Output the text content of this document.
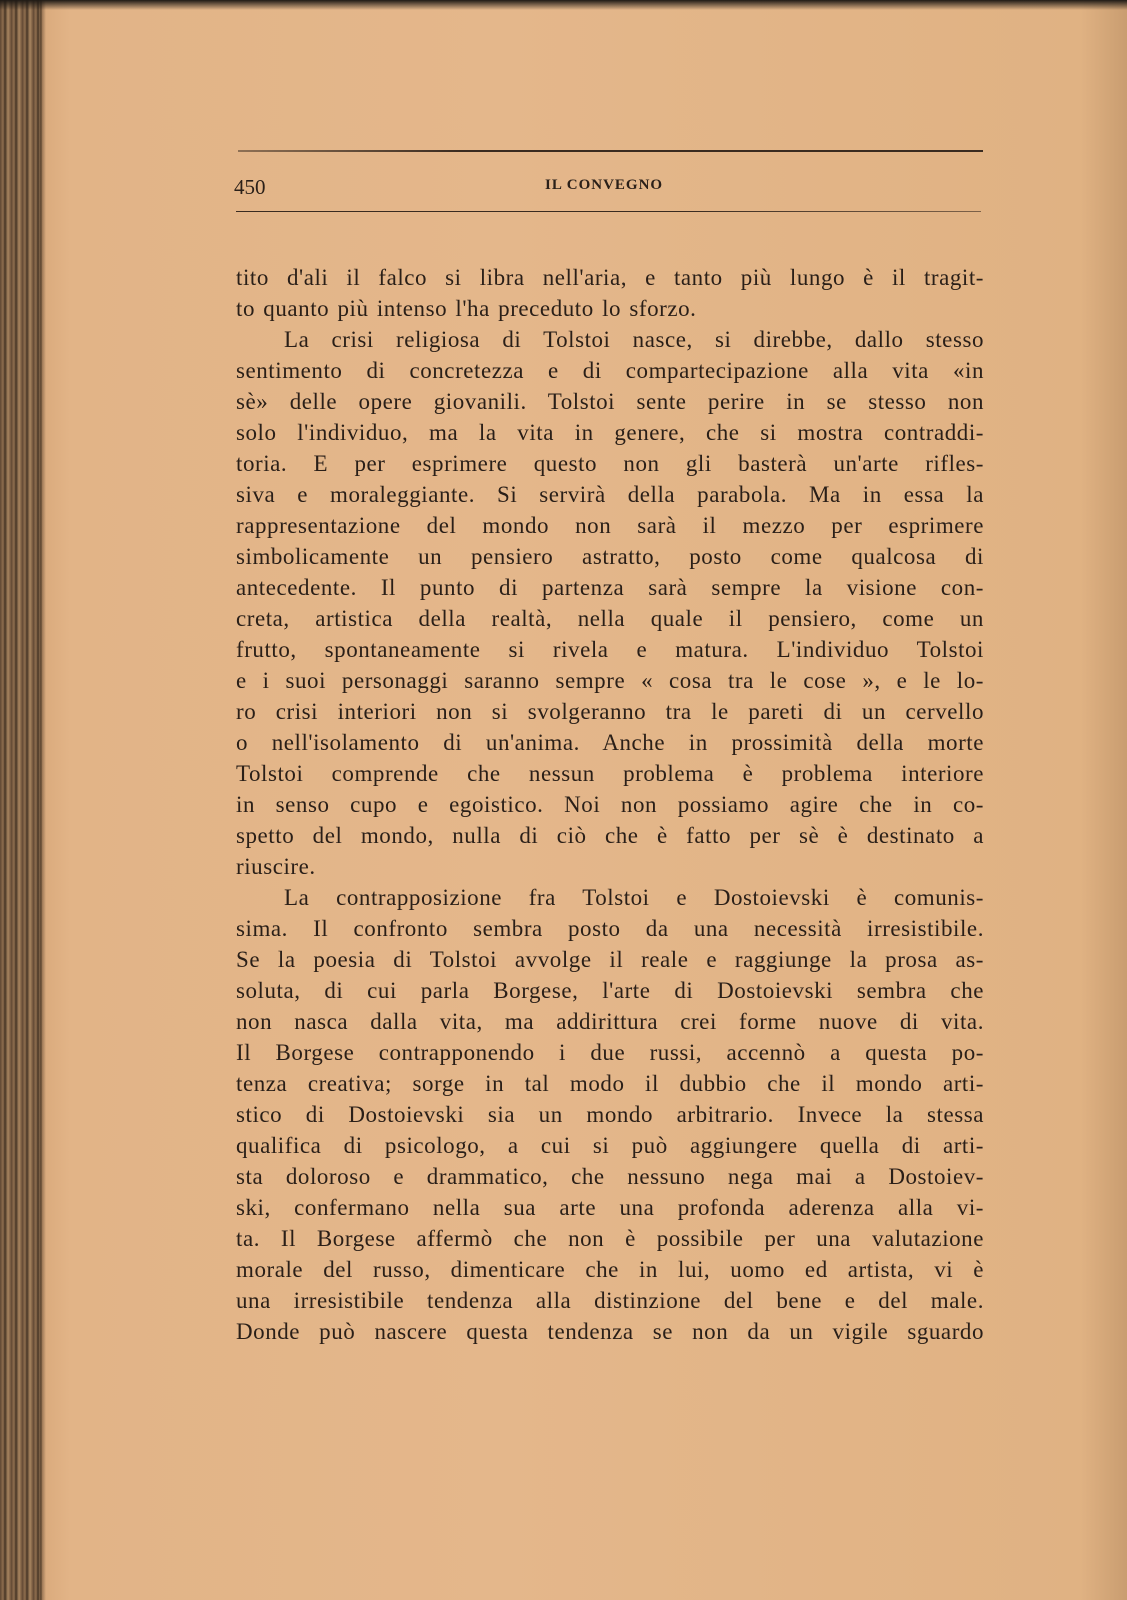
450	IL CONVEGNO
tito d'ali il falco si libra nell'aria, e tanto più lungo è il tragit-
to quanto più intenso l'ha preceduto lo sforzo.
La crisi religiosa di Tolstoi nasce, si direbbe, dallo stesso
sentimento di concretezza e di compartecipazione alla vita «in
sè» delle opere giovanili. Tolstoi sente perire in se stesso non
solo l'individuo, ma la vita in genere, che si mostra contraddi-
toria. E per esprimere questo non gli basterà un'arte rifles-
siva e moraleggiante. Si servirà della parabola. Ma in essa la
rappresentazione del mondo non sarà il mezzo per esprimere
simbolicamente un pensiero astratto, posto come qualcosa di
antecedente. Il punto di partenza sarà sempre la visione con-
creta, artistica della realtà, nella quale il pensiero, come un
frutto, spontaneamente si rivela e matura. L'individuo Tolstoi
e i suoi personaggi saranno sempre « cosa tra le cose », e le lo-
ro crisi interiori non si svolgeranno tra le pareti di un cervello
o nell'isolamento di un'anima. Anche in prossimità della morte
Tolstoi comprende che nessun problema è problema interiore
in senso cupo e egoistico. Noi non possiamo agire che in co-
spetto del mondo, nulla di ciò che è fatto per sè è destinato a
riuscire.
La contrapposizione fra Tolstoi e Dostoievski è comunis-
sima. Il confronto sembra posto da una necessità irresistibile.
Se la poesia di Tolstoi avvolge il reale e raggiunge la prosa as-
soluta, di cui parla Borgese, l'arte di Dostoievski sembra che
non nasca dalla vita, ma addirittura crei forme nuove di vita.
Il Borgese contrapponendo i due russi, accennò a questa po-
tenza creativa; sorge in tal modo il dubbio che il mondo arti-
stico di Dostoievski sia un mondo arbitrario. Invece la stessa
qualifica di psicologo, a cui si può aggiungere quella di arti-
sta doloroso e drammatico, che nessuno nega mai a Dostoiev-
ski, confermano nella sua arte una profonda aderenza alla vi-
ta. Il Borgese affermò che non è possibile per una valutazione
morale del russo, dimenticare che in lui, uomo ed artista, vi è
una irresistibile tendenza alla distinzione del bene e del male.
Donde può nascere questa tendenza se non da un vigile sguardo
